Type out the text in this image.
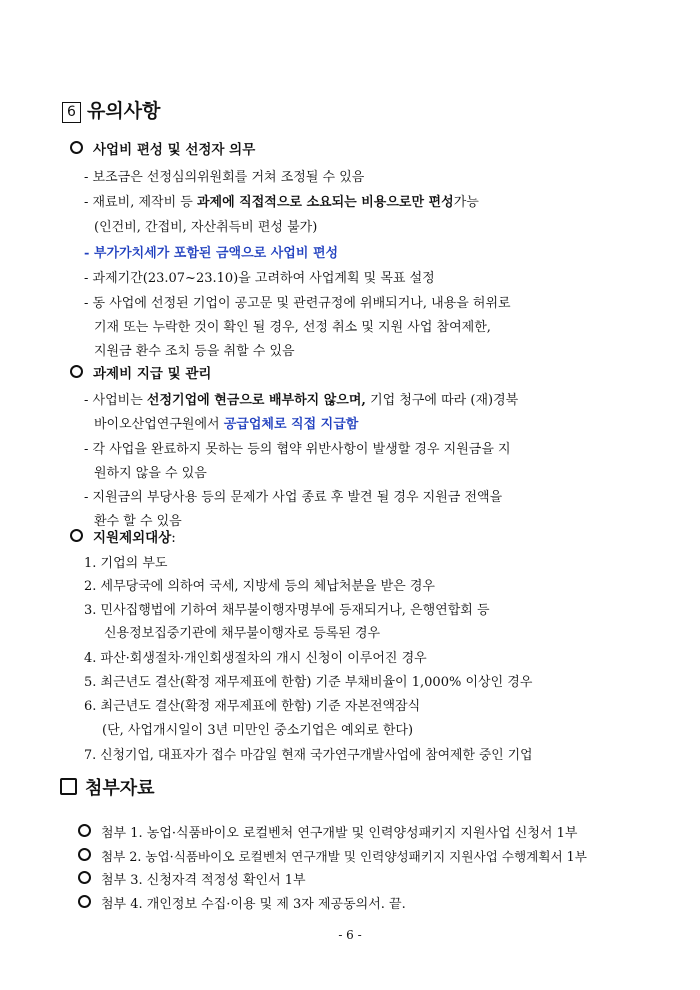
6 유의사항
사업비 편성 및 선정자 의무
- 보조금은 선정심의위원회를 거쳐 조정될 수 있음
- 재료비, 제작비 등 과제에 직접적으로 소요되는 비용으로만 편성가능
(인건비, 간접비, 자산취득비 편성 불가)
- 부가가치세가 포함된 금액으로 사업비 편성
- 과제기간(23.07~23.10)을 고려하여 사업계획 및 목표 설정
- 동 사업에 선정된 기업이 공고문 및 관련규정에 위배되거나, 내용을 허위로
기재 또는 누락한 것이 확인 될 경우, 선정 취소 및 지원 사업 참여제한,
지원금 환수 조치 등을 취할 수 있음
과제비 지급 및 관리
- 사업비는 선정기업에 현금으로 배부하지 않으며, 기업 청구에 따라 (재)경북
바이오산업연구원에서 공급업체로 직접 지급함
- 각 사업을 완료하지 못하는 등의 협약 위반사항이 발생할 경우 지원금을 지
원하지 않을 수 있음
- 지원금의 부당사용 등의 문제가 사업 종료 후 발견 될 경우 지원금 전액을
환수 할 수 있음
지원제외대상:
1. 기업의 부도
2. 세무당국에 의하여 국세, 지방세 등의 체납처분을 받은 경우
3. 민사집행법에 기하여 채무불이행자명부에 등재되거나, 은행연합회 등
신용정보집중기관에 채무불이행자로 등록된 경우
4. 파산·회생절차·개인회생절차의 개시 신청이 이루어진 경우
5. 최근년도 결산(확정 재무제표에 한함) 기준 부채비율이 1,000% 이상인 경우
6. 최근년도 결산(확정 재무제표에 한함) 기준 자본전액잠식
(단, 사업개시일이 3년 미만인 중소기업은 예외로 한다)
7. 신청기업, 대표자가 접수 마감일 현재 국가연구개발사업에 참여제한 중인 기업
첨부자료
첨부 1. 농업·식품바이오 로컬벤처 연구개발 및 인력양성패키지 지원사업 신청서 1부
첨부 2. 농업·식품바이오 로컬벤처 연구개발 및 인력양성패키지 지원사업 수행계획서 1부
첨부 3. 신청자격 적정성 확인서 1부
첨부 4. 개인정보 수집·이용 및 제 3자 제공동의서. 끝.
- 6 -
